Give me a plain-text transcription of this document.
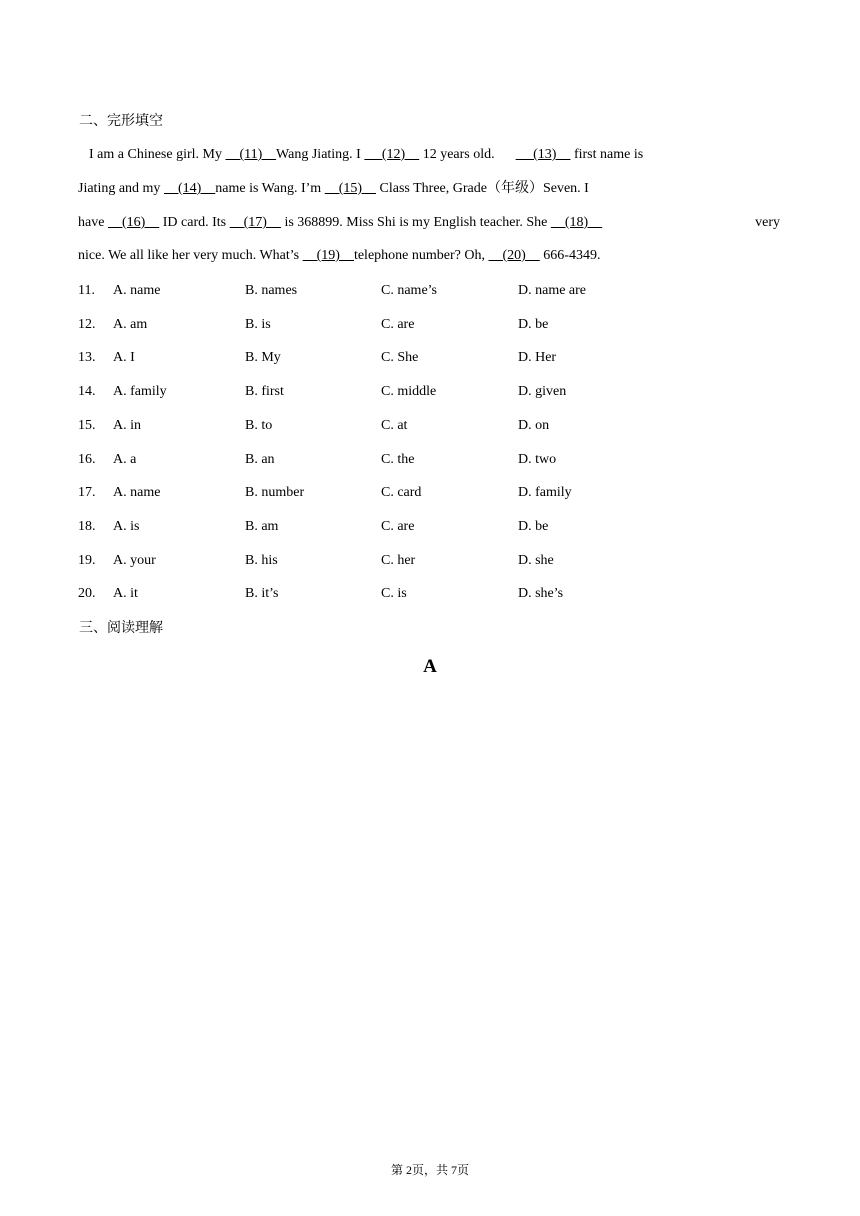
二、完形填空
I am a Chinese girl. My     (11)    Wang Jiating. I      (12)     12 years old.           (13)     first name is
Jiating and my     (14)    name is Wang. I’m     (15)     Class Three, Grade（年级）Seven. I
have     (16)     ID card. Its     (17)     is 368899. Miss Shi is my English teacher. She     (18)	very
nice. We all like her very much. What’s     (19)    telephone number? Oh,     (20)     666-4349.
11. A. name	B. names	C. name’s	D. name are
12. A. am	B. is	C. are	D. be
13. A. I	B. My	C. She	D. Her
14. A. family	B. first	C. middle	D. given
15. A. in	B. to	C. at	D. on
16. A. a	B. an	C. the	D. two
17. A. name	B. number	C. card	D. family
18. A. is	B. am	C. are	D. be
19. A. your	B. his	C. her	D. she
20. A. it	B. it’s	C. is	D. she’s
三、阅读理解
A
第 2页，共 7页
